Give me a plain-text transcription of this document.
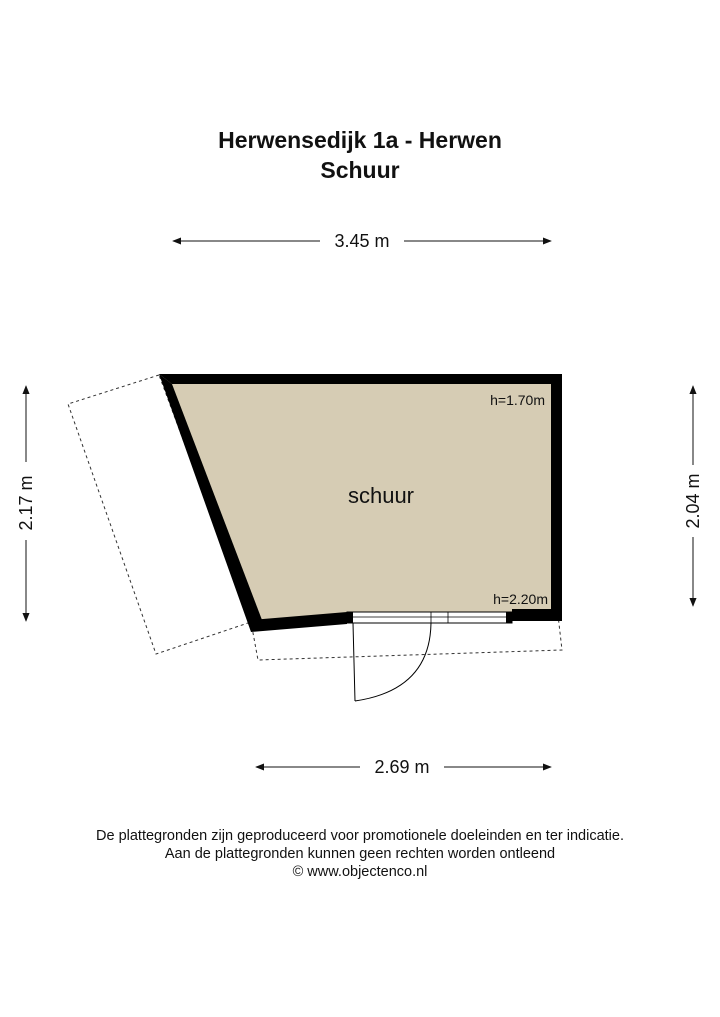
Herwensedijk 1a - Herwen
Schuur
schuur
h=1.70m
h=2.20m
3.45 m
2.69 m
2.17 m	2.04 m
De plattegronden zijn geproduceerd voor promotionele doeleinden en ter indicatie.
Aan de plattegronden kunnen geen rechten worden ontleend
© www.objectenco.nl
